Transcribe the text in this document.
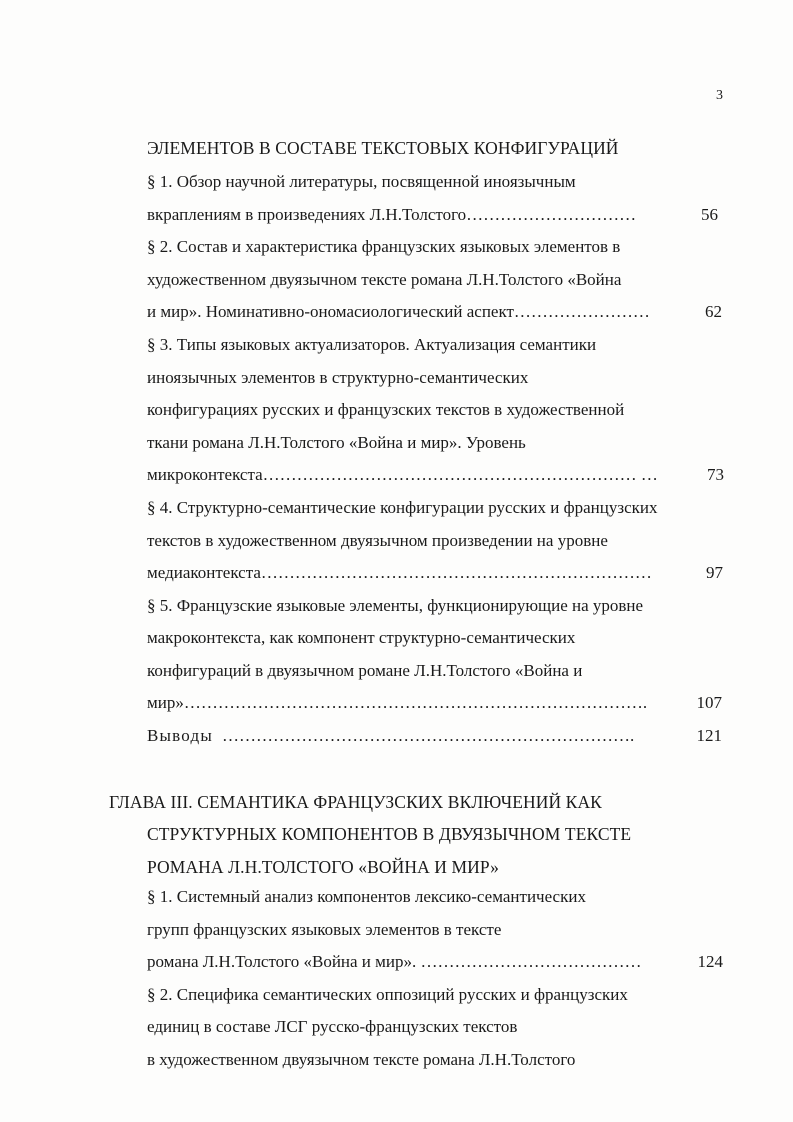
3
ЭЛЕМЕНТОВ В СОСТАВЕ ТЕКСТОВЫХ КОНФИГУРАЦИЙ
§ 1. Обзор научной литературы, посвященной иноязычным
вкраплениям в произведениях Л.Н.Толстого…………………………	56
§ 2. Состав и характеристика французских языковых элементов в
художественном двуязычном тексте романа Л.Н.Толстого «Война
и мир». Номинативно-ономасиологический аспект……………………	62
§ 3. Типы языковых актуализаторов. Актуализация семантики
иноязычных элементов в структурно-семантических
конфигурациях русских и французских текстов в художественной
ткани романа Л.Н.Толстого «Война и мир». Уровень
микроконтекста………………………………………………………… …	73
§ 4. Структурно-семантические конфигурации русских и французских
текстов в художественном двуязычном произведении на уровне
медиаконтекста……………………………………………………………	97
§ 5. Французские языковые элементы, функционирующие на уровне
макроконтекста, как компонент структурно-семантических
конфигураций в двуязычном романе Л.Н.Толстого «Война и
мир»……………………………………………………………………….	107
Выводы ……………………………………………………………….	121
ГЛАВА III. СЕМАНТИКА ФРАНЦУЗСКИХ ВКЛЮЧЕНИЙ КАК
СТРУКТУРНЫХ КОМПОНЕНТОВ В ДВУЯЗЫЧНОМ ТЕКСТЕ
РОМАНА Л.Н.ТОЛСТОГО «ВОЙНА И МИР»
§ 1. Системный анализ компонентов лексико-семантических
групп французских языковых элементов в тексте
романа Л.Н.Толстого «Война и мир». …………………………………	124
§ 2. Специфика семантических оппозиций русских и французских
единиц в составе ЛСГ русско-французских текстов
в художественном двуязычном тексте романа Л.Н.Толстого
